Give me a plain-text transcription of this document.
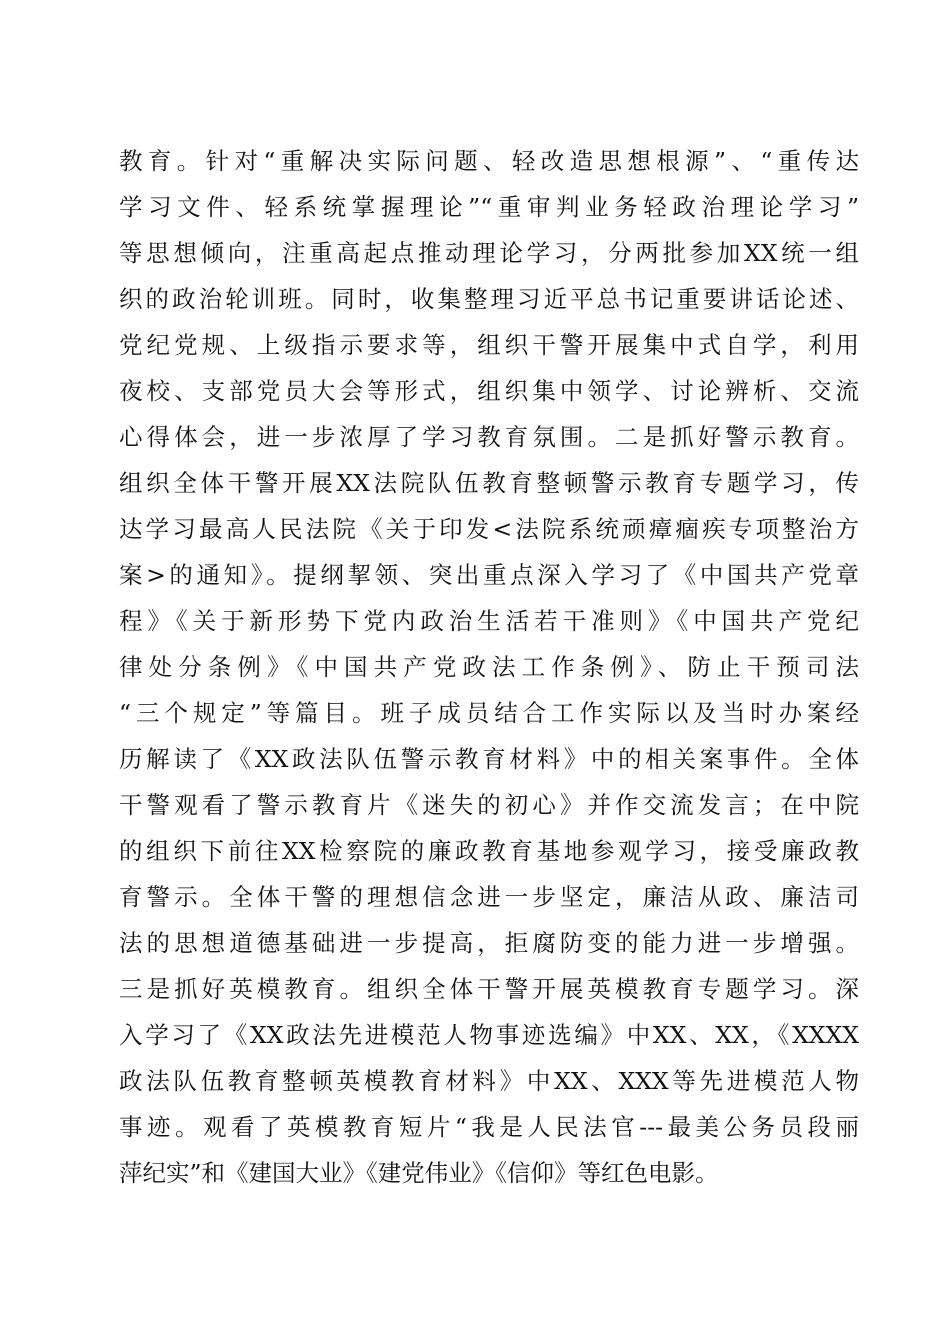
教育。针对“重解决实际问题、轻改造思想根源”、“重传达
学习文件、轻系统掌握理论”“重审判业务轻政治理论学习”
等思想倾向，注重高起点推动理论学习，分两批参加XX统一组
织的政治轮训班。同时，收集整理习近平总书记重要讲话论述、
党纪党规、上级指示要求等，组织干警开展集中式自学，利用
夜校、支部党员大会等形式，组织集中领学、讨论辨析、交流
心得体会，进一步浓厚了学习教育氛围。二是抓好警示教育。
组织全体干警开展XX法院队伍教育整顿警示教育专题学习，传
达学习最高人民法院《关于印发<法院系统顽瘴痼疾专项整治方
案>的通知》。提纲挈领、突出重点深入学习了《中国共产党章
程》《关于新形势下党内政治生活若干准则》《中国共产党纪
律处分条例》《中国共产党政法工作条例》、防止干预司法
“三个规定”等篇目。班子成员结合工作实际以及当时办案经
历解读了《XX政法队伍警示教育材料》中的相关案事件。全体
干警观看了警示教育片《迷失的初心》并作交流发言；在中院
的组织下前往XX检察院的廉政教育基地参观学习，接受廉政教
育警示。全体干警的理想信念进一步坚定，廉洁从政、廉洁司
法的思想道德基础进一步提高，拒腐防变的能力进一步增强。
三是抓好英模教育。组织全体干警开展英模教育专题学习。深
入学习了《XX政法先进模范人物事迹选编》中XX、XX，《XXXX
政法队伍教育整顿英模教育材料》中XX、XXX等先进模范人物
事迹。观看了英模教育短片“我是人民法官---最美公务员段丽
萍纪实”和《建国大业》《建党伟业》《信仰》等红色电影。
